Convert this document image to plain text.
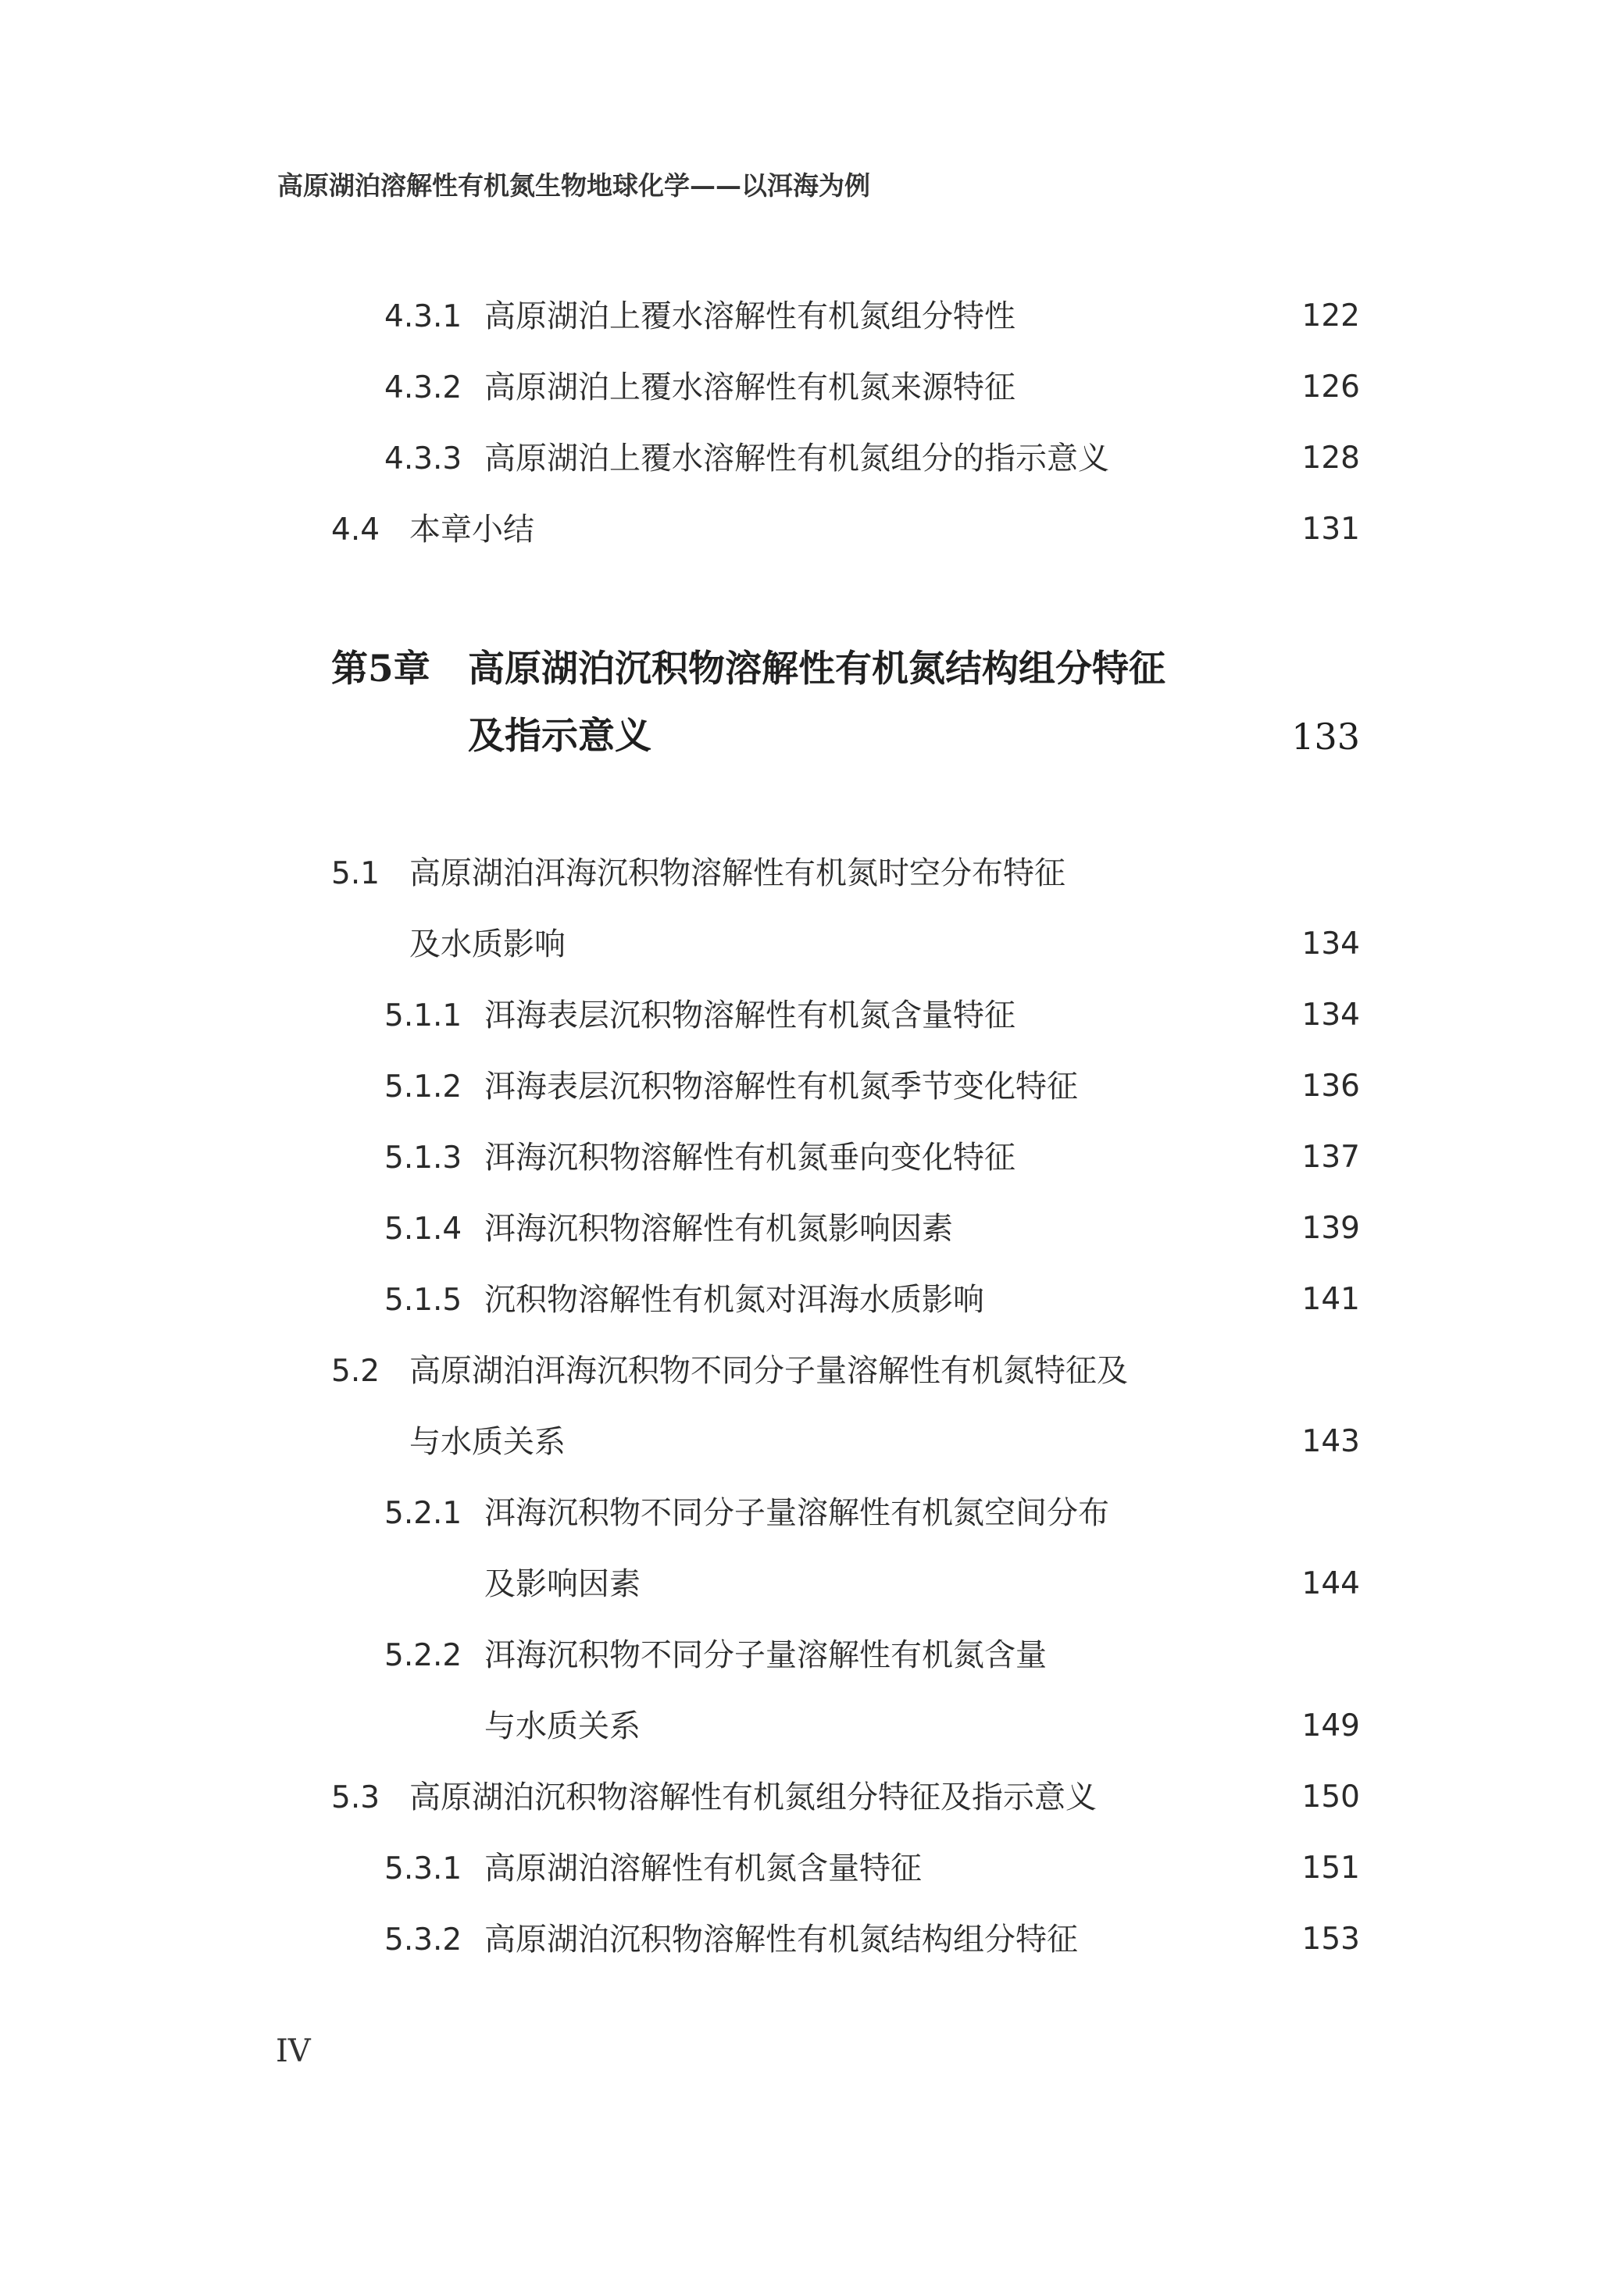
高原湖泊溶解性有机氮生物地球化学——以洱海为例
4.3.1 高原湖泊上覆水溶解性有机氮组分特性	122
4.3.2 高原湖泊上覆水溶解性有机氮来源特征	126
4.3.3 高原湖泊上覆水溶解性有机氮组分的指示意义	128
4.4 本章小结	131
第5章 高原湖泊沉积物溶解性有机氮结构组分特征
及指示意义	133
5.1 高原湖泊洱海沉积物溶解性有机氮时空分布特征
及水质影响	134
5.1.1 洱海表层沉积物溶解性有机氮含量特征	134
5.1.2 洱海表层沉积物溶解性有机氮季节变化特征	136
5.1.3 洱海沉积物溶解性有机氮垂向变化特征	137
5.1.4 洱海沉积物溶解性有机氮影响因素	139
5.1.5 沉积物溶解性有机氮对洱海水质影响	141
5.2 高原湖泊洱海沉积物不同分子量溶解性有机氮特征及
与水质关系	143
5.2.1 洱海沉积物不同分子量溶解性有机氮空间分布
及影响因素	144
5.2.2 洱海沉积物不同分子量溶解性有机氮含量
与水质关系	149
5.3 高原湖泊沉积物溶解性有机氮组分特征及指示意义	150
5.3.1 高原湖泊溶解性有机氮含量特征	151
5.3.2 高原湖泊沉积物溶解性有机氮结构组分特征	153
IV
